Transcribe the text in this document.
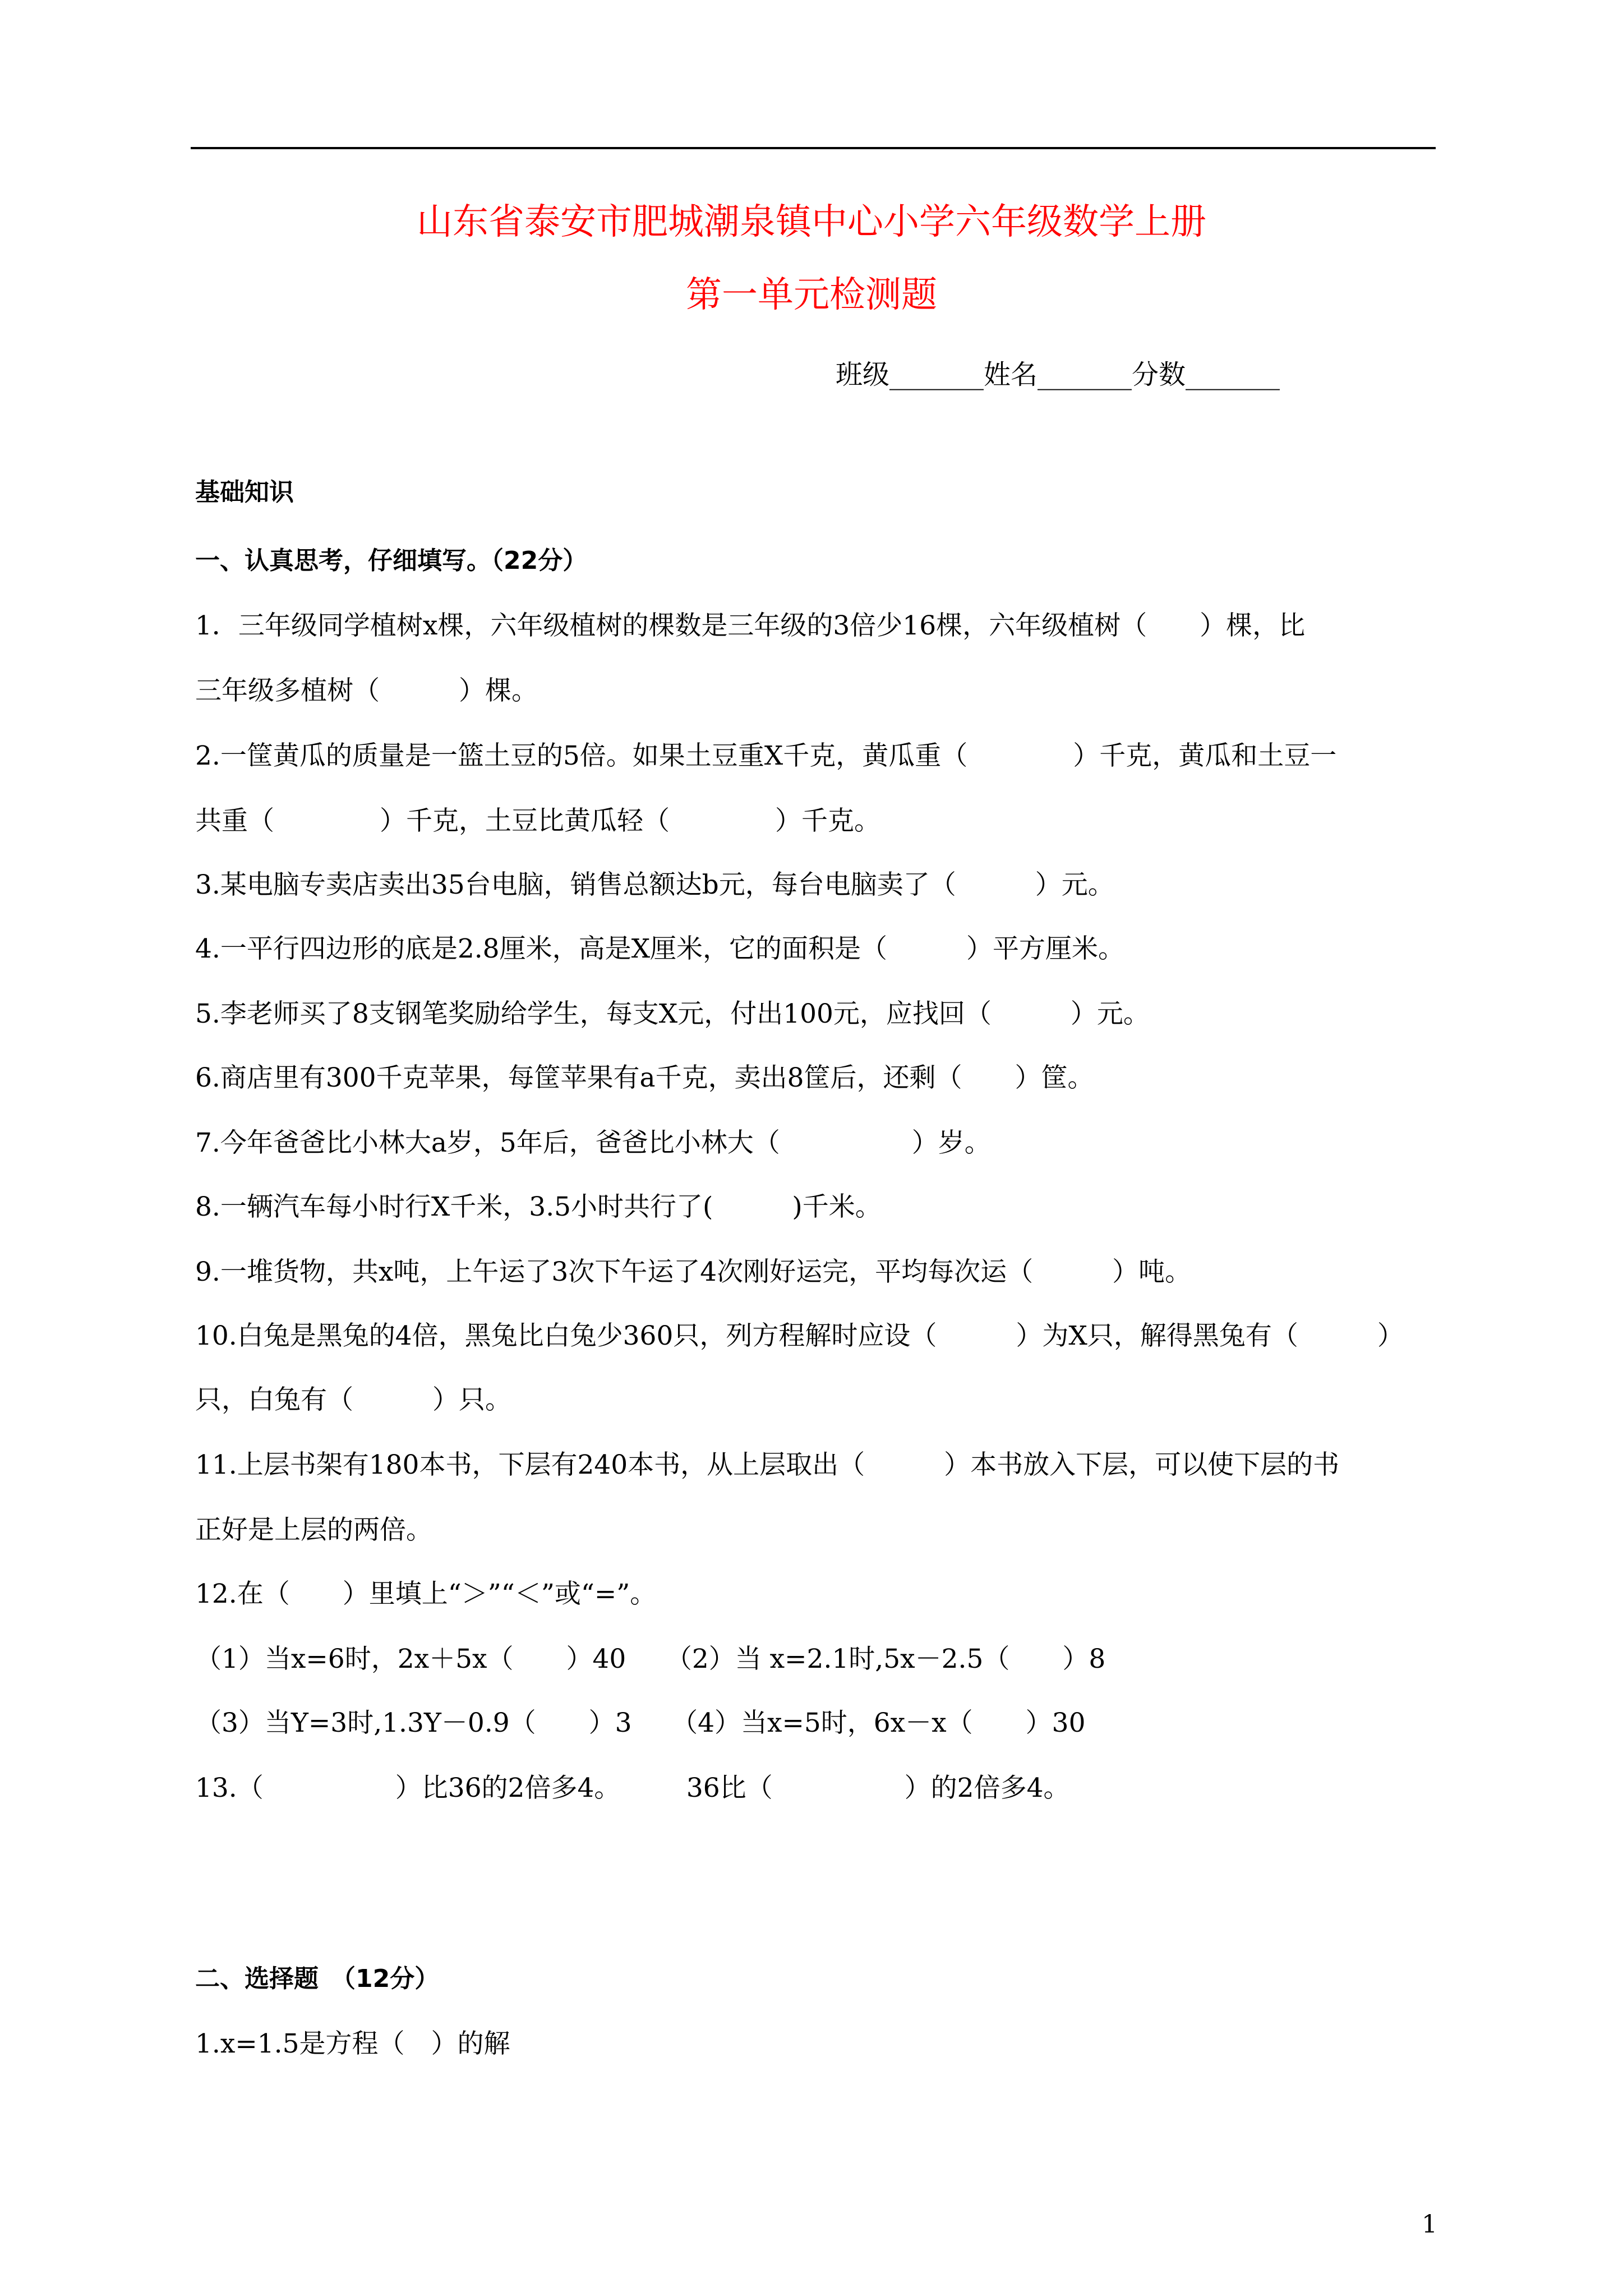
山东省泰安市肥城潮泉镇中心小学六年级数学上册
第一单元检测题
班级_______姓名_______分数_______
基础知识
一、认真思考，仔细填写。（22分）
1．三年级同学植树x棵，六年级植树的棵数是三年级的3倍少16棵，六年级植树（　　）棵，比
三年级多植树（　　　）棵。
2.一筐黄瓜的质量是一篮土豆的5倍。如果土豆重X千克，黄瓜重（　　　　）千克，黄瓜和土豆一
共重（　　　　）千克，土豆比黄瓜轻（　　　　）千克。
3.某电脑专卖店卖出35台电脑，销售总额达b元，每台电脑卖了（　　　）元。
4.一平行四边形的底是2.8厘米，高是X厘米，它的面积是（　　　）平方厘米。
5.李老师买了8支钢笔奖励给学生，每支X元，付出100元，应找回（　　　）元。
6.商店里有300千克苹果，每筐苹果有a千克，卖出8筐后，还剩（　　）筐。
7.今年爸爸比小林大a岁，5年后，爸爸比小林大（　　　　　）岁。
8.一辆汽车每小时行X千米，3.5小时共行了(　　　)千米。
9.一堆货物，共x吨，上午运了3次下午运了4次刚好运完，平均每次运（　　　）吨。
10.白兔是黑兔的4倍，黑兔比白兔少360只，列方程解时应设（　　　）为X只，解得黑兔有（　　　）
只，白兔有（　　　）只。
11.上层书架有180本书，下层有240本书，从上层取出（　　　）本书放入下层，可以使下层的书
正好是上层的两倍。
12.在（　　）里填上“＞”“＜”或“=”。
（1）当x=6时，2x＋5x（　　）40　　（2）当 x=2.1时,5x－2.5（　　）8
（3）当Y=3时,1.3Y－0.9（　　）3　　（4）当x=5时，6x－x（　　）30
13.（　　　　　）比36的2倍多4。　　　36比（　　　　　）的2倍多4。
二、选择题　（12分）
1.x=1.5是方程（　）的解
1
